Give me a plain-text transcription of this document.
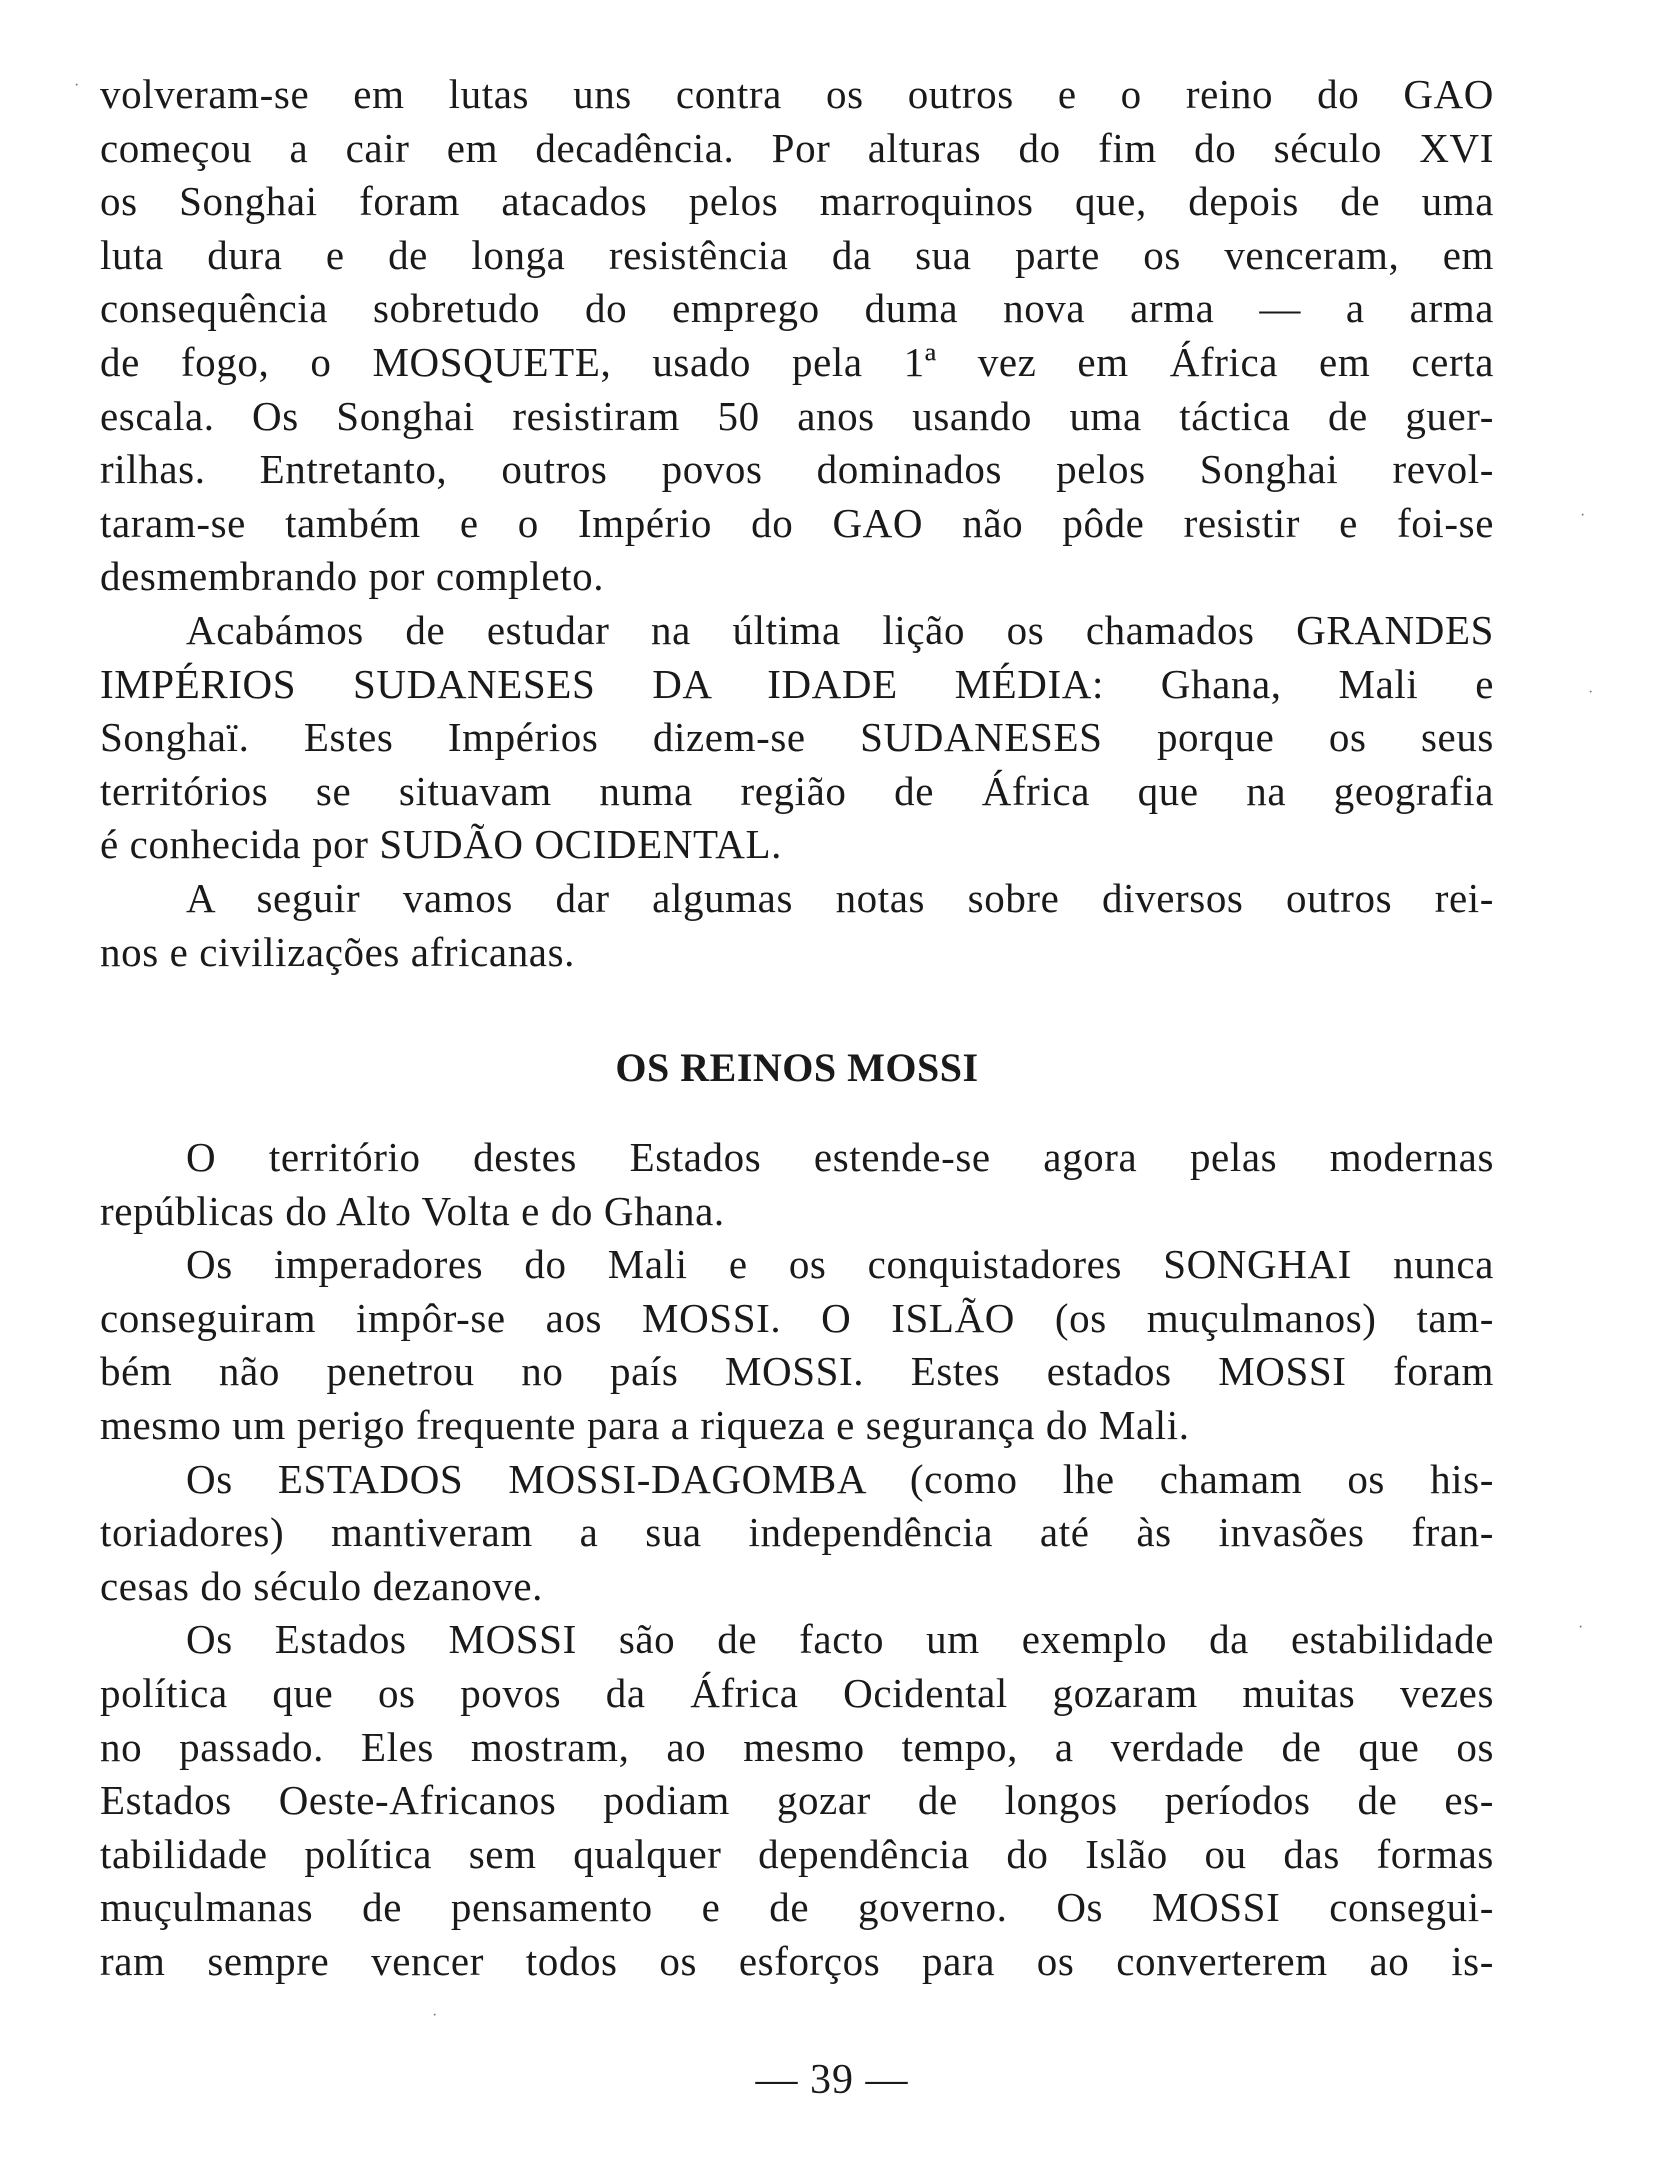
volveram-se em lutas uns contra os outros e o reino do GAO
começou a cair em decadência. Por alturas do fim do século XVI
os Songhai foram atacados pelos marroquinos que, depois de uma
luta dura e de longa resistência da sua parte os venceram, em
consequência sobretudo do emprego duma nova arma — a arma
de fogo, o MOSQUETE, usado pela 1ª vez em África em certa
escala. Os Songhai resistiram 50 anos usando uma táctica de guer-
rilhas. Entretanto, outros povos dominados pelos Songhai revol-
taram-se também e o Império do GAO não pôde resistir e foi-se
desmembrando por completo.
Acabámos de estudar na última lição os chamados GRANDES
IMPÉRIOS SUDANESES DA IDADE MÉDIA: Ghana, Mali e
Songhaï. Estes Impérios dizem-se SUDANESES porque os seus
territórios se situavam numa região de África que na geografia
é conhecida por SUDÃO OCIDENTAL.
A seguir vamos dar algumas notas sobre diversos outros rei-
nos e civilizações africanas.
OS REINOS MOSSI
O território destes Estados estende-se agora pelas modernas
repúblicas do Alto Volta e do Ghana.
Os imperadores do Mali e os conquistadores SONGHAI nunca
conseguiram impôr-se aos MOSSI. O ISLÃO (os muçulmanos) tam-
bém não penetrou no país MOSSI. Estes estados MOSSI foram
mesmo um perigo frequente para a riqueza e segurança do Mali.
Os ESTADOS MOSSI-DAGOMBA (como lhe chamam os his-
toriadores) mantiveram a sua independência até às invasões fran-
cesas do século dezanove.
Os Estados MOSSI são de facto um exemplo da estabilidade
política que os povos da África Ocidental gozaram muitas vezes
no passado. Eles mostram, ao mesmo tempo, a verdade de que os
Estados Oeste-Africanos podiam gozar de longos períodos de es-
tabilidade política sem qualquer dependência do Islão ou das formas
muçulmanas de pensamento e de governo. Os MOSSI consegui-
ram sempre vencer todos os esforços para os converterem ao is-
— 39 —
·
·
·
·
·
